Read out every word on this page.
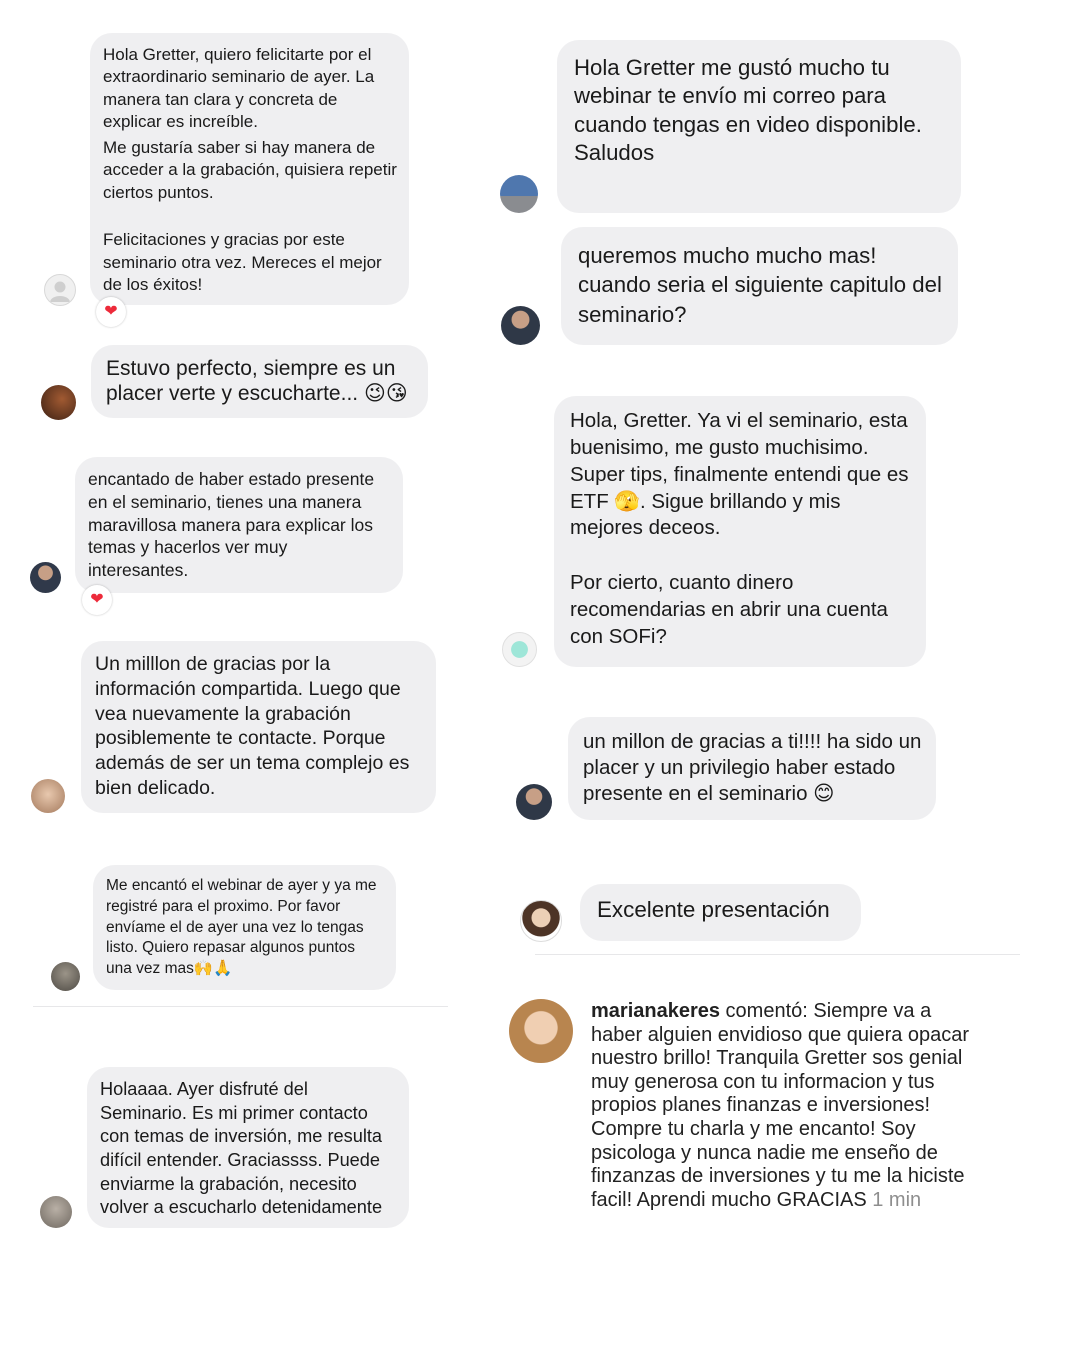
Hola Gretter, quiero felicitarte por el extraordinario seminario de ayer. La manera tan clara y concreta de explicar es increíble.

Me gustaría saber si hay manera de acceder a la grabación, quisiera repetir ciertos puntos.

Felicitaciones y gracias por este seminario otra vez. Mereces el mejor de los éxitos!

❤

Estuvo perfecto, siempre es un placer verte y escucharte... 😉😘

encantado de haber estado presente en el seminario, tienes una manera maravillosa manera para explicar los temas y hacerlos ver muy interesantes.

❤

Un milllon de gracias por la información compartida. Luego que vea nuevamente la grabación posiblemente te contacte. Porque además de ser un tema complejo es bien delicado.

Me encantó el webinar de ayer y ya me registré para el proximo. Por favor envíame el de ayer una vez lo tengas listo. Quiero repasar algunos puntos una vez mas🙌🙏

Holaaaa. Ayer disfruté del Seminario. Es mi primer contacto con temas de inversión, me resulta difícil entender. Graciassss. Puede enviarme la grabación, necesito volver a escucharlo detenidamente

Hola Gretter me gustó mucho tu webinar te envío mi correo para cuando tengas en video disponible. Saludos

queremos mucho mucho mas! cuando seria el siguiente capitulo del seminario?

Hola, Gretter. Ya vi el seminario, esta buenisimo, me gusto muchisimo. Super tips, finalmente entendi que es ETF 🫣. Sigue brillando y mis mejores deceos.

Por cierto, cuanto dinero recomendarias en abrir una cuenta con SOFi?

un millon de gracias a ti!!!! ha sido un placer y un privilegio haber estado presente en el seminario 😊

Excelente presentación

marianakeres comentó: Siempre va a haber alguien envidioso que quiera opacar nuestro brillo! Tranquila Gretter sos genial muy generosa con tu informacion y tus propios planes finanzas e inversiones! Compre tu charla y me encanto! Soy psicologa y nunca nadie me enseño de finzanzas de inversiones y tu me la hiciste facil! Aprendi mucho GRACIAS 1 min
